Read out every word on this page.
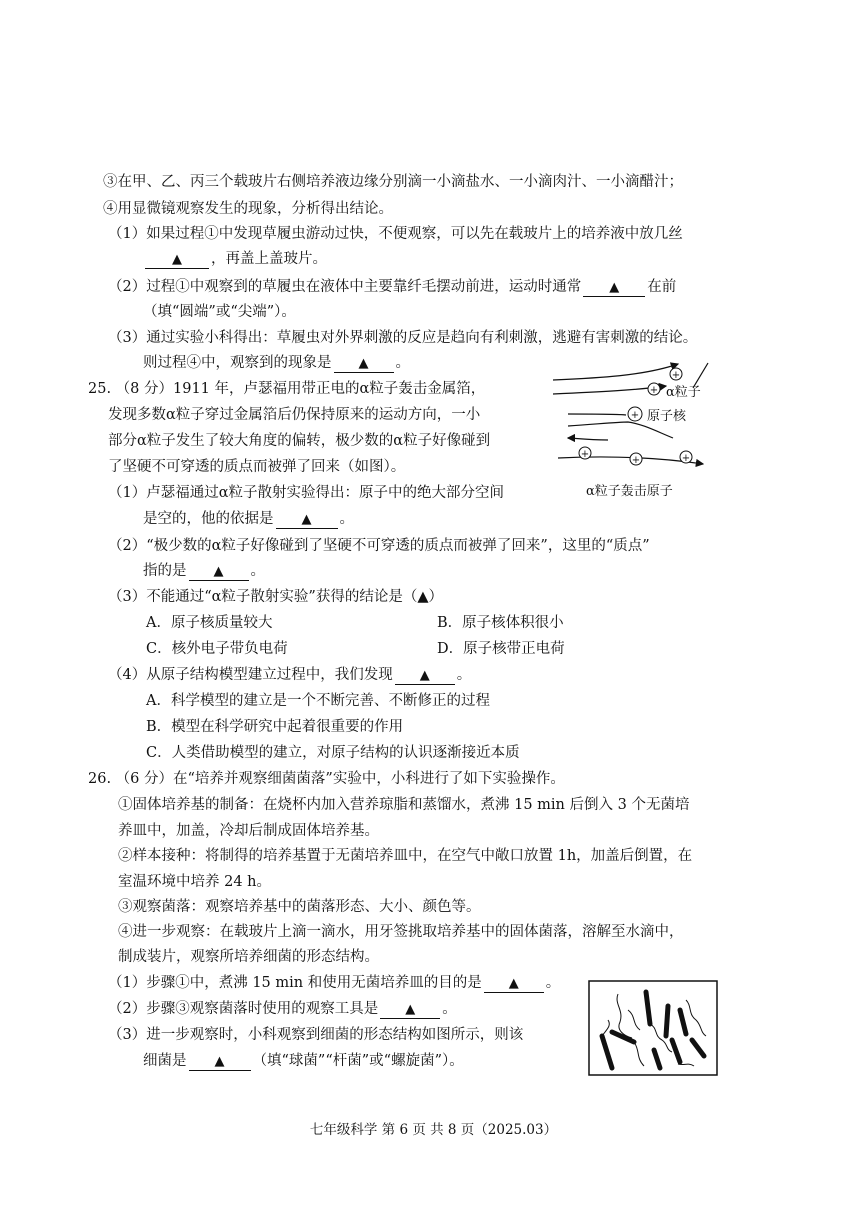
③在甲、乙、丙三个载玻片右侧培养液边缘分别滴一小滴盐水、一小滴肉汁、一小滴醋汁；
④用显微镜观察发生的现象，分析得出结论。
（1）如果过程①中发现草履虫游动过快，不便观察，可以先在载玻片上的培养液中放几丝
▲ ，再盖上盖玻片。
（2）过程①中观察到的草履虫在液体中主要靠纤毛摆动前进，运动时通常 ▲ 在前
（填“圆端”或“尖端”）。
（3）通过实验小科得出：草履虫对外界刺激的反应是趋向有利刺激，逃避有害刺激的结论。
则过程④中，观察到的现象是 ▲ 。
25. （8 分）1911 年，卢瑟福用带正电的α粒子轰击金属箔，
发现多数α粒子穿过金属箔后仍保持原来的运动方向，一小
部分α粒子发生了较大角度的偏转，极少数的α粒子好像碰到
了坚硬不可穿透的质点而被弹了回来（如图）。
+
+
+
+
+	+
α粒子
原子核
α粒子轰击原子
（1）卢瑟福通过α粒子散射实验得出：原子中的绝大部分空间
是空的，他的依据是 ▲ 。
（2）“极少数的α粒子好像碰到了坚硬不可穿透的质点而被弹了回来”，这里的“质点”
指的是 ▲ 。
（3）不能通过“α粒子散射实验”获得的结论是（▲）
A．原子核质量较大	B．原子核体积很小
C．核外电子带负电荷	D．原子核带正电荷
（4）从原子结构模型建立过程中，我们发现 ▲ 。
A．科学模型的建立是一个不断完善、不断修正的过程
B．模型在科学研究中起着很重要的作用
C．人类借助模型的建立，对原子结构的认识逐渐接近本质
26. （6 分）在“培养并观察细菌菌落”实验中，小科进行了如下实验操作。
①固体培养基的制备：在烧杯内加入营养琼脂和蒸馏水，煮沸 15 min 后倒入 3 个无菌培
养皿中，加盖，冷却后制成固体培养基。
②样本接种：将制得的培养基置于无菌培养皿中，在空气中敞口放置 1h，加盖后倒置，在
室温环境中培养 24 h。
③观察菌落：观察培养基中的菌落形态、大小、颜色等。
④进一步观察：在载玻片上滴一滴水，用牙签挑取培养基中的固体菌落，溶解至水滴中，
制成装片，观察所培养细菌的形态结构。
（1）步骤①中，煮沸 15 min 和使用无菌培养皿的目的是 ▲ 。
（2）步骤③观察菌落时使用的观察工具是 ▲ 。
（3）进一步观察时，小科观察到细菌的形态结构如图所示，则该
细菌是 ▲ （填“球菌”“杆菌”或“螺旋菌”）。
七年级科学 第 6 页 共 8 页（2025.03）
